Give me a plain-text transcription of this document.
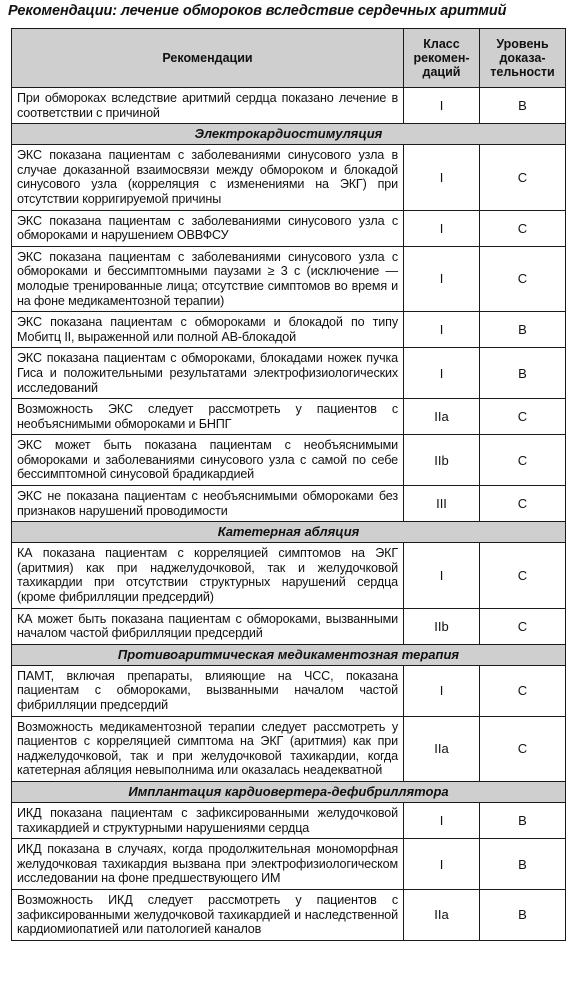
Рекомендации: лечение обмороков вследствие сердечных аритмий
Рекомендации	Класс рекомен-даций	Уровень доказа-тельности
При обмороках вследствие аритмий сердца показано лечение в соответствии с причиной	I	B
Электрокардиостимуляция		
ЭКС показана пациентам с заболеваниями синусового узла в случае доказанной взаимосвязи между обмороком и блокадой синусового узла (корреляция с изменениями на ЭКГ) при отсутствии корригируемой причины	I	C
ЭКС показана пациентам с заболеваниями синусового узла с обмороками и нарушением ОВВФСУ	I	C
ЭКС показана пациентам с заболеваниями синусового узла с обмороками и бессимптомными паузами ≥ 3 с (исключение — молодые тренированные лица; отсутствие симптомов во время и на фоне медикаментозной терапии)	I	C
ЭКС показана пациентам с обмороками и блокадой по типу Мобитц II, выраженной или полной АВ-блокадой	I	B
ЭКС показана пациентам с обмороками, блокадами ножек пучка Гиса и положительными результатами электрофизиологических исследований	I	B
Возможность ЭКС следует рассмотреть у пациентов с необъяснимыми обмороками и БНПГ	IIa	C
ЭКС может быть показана пациентам с необъяснимыми обмороками и заболеваниями синусового узла с самой по себе бессимптомной синусовой брадикардией	IIb	C
ЭКС не показана пациентам с необъяснимыми обмороками без признаков нарушений проводимости	III	C
Катетерная абляция		
КА показана пациентам с корреляцией симптомов на ЭКГ (аритмия) как при наджелудочковой, так и желудочковой тахикардии при отсутствии структурных нарушений сердца (кроме фибрилляции предсердий)	I	C
КА может быть показана пациентам с обмороками, вызванными началом частой фибрилляции предсердий	IIb	C
Противоаритмическая медикаментозная терапия		
ПАМТ, включая препараты, влияющие на ЧСС, показана пациентам с обмороками, вызванными началом частой фибрилляции предсердий	I	C
Возможность медикаментозной терапии следует рассмотреть у пациентов с корреляцией симптома на ЭКГ (аритмия) как при наджелудочковой, так и при желудочковой тахикардии, когда катетерная абляция невыполнима или оказалась неадекватной	IIa	C
Имплантация кардиовертера-дефибриллятора		
ИКД показана пациентам с зафиксированными желудочковой тахикардией и структурными нарушениями сердца	I	B
ИКД показана в случаях, когда продолжительная мономорфная желудочковая тахикардия вызвана при электрофизиологическом исследовании на фоне предшествующего ИМ	I	B
Возможность ИКД следует рассмотреть у пациентов с зафиксированными желудочковой тахикардией и наследственной кардиомиопатией или патологией каналов	IIa	B
